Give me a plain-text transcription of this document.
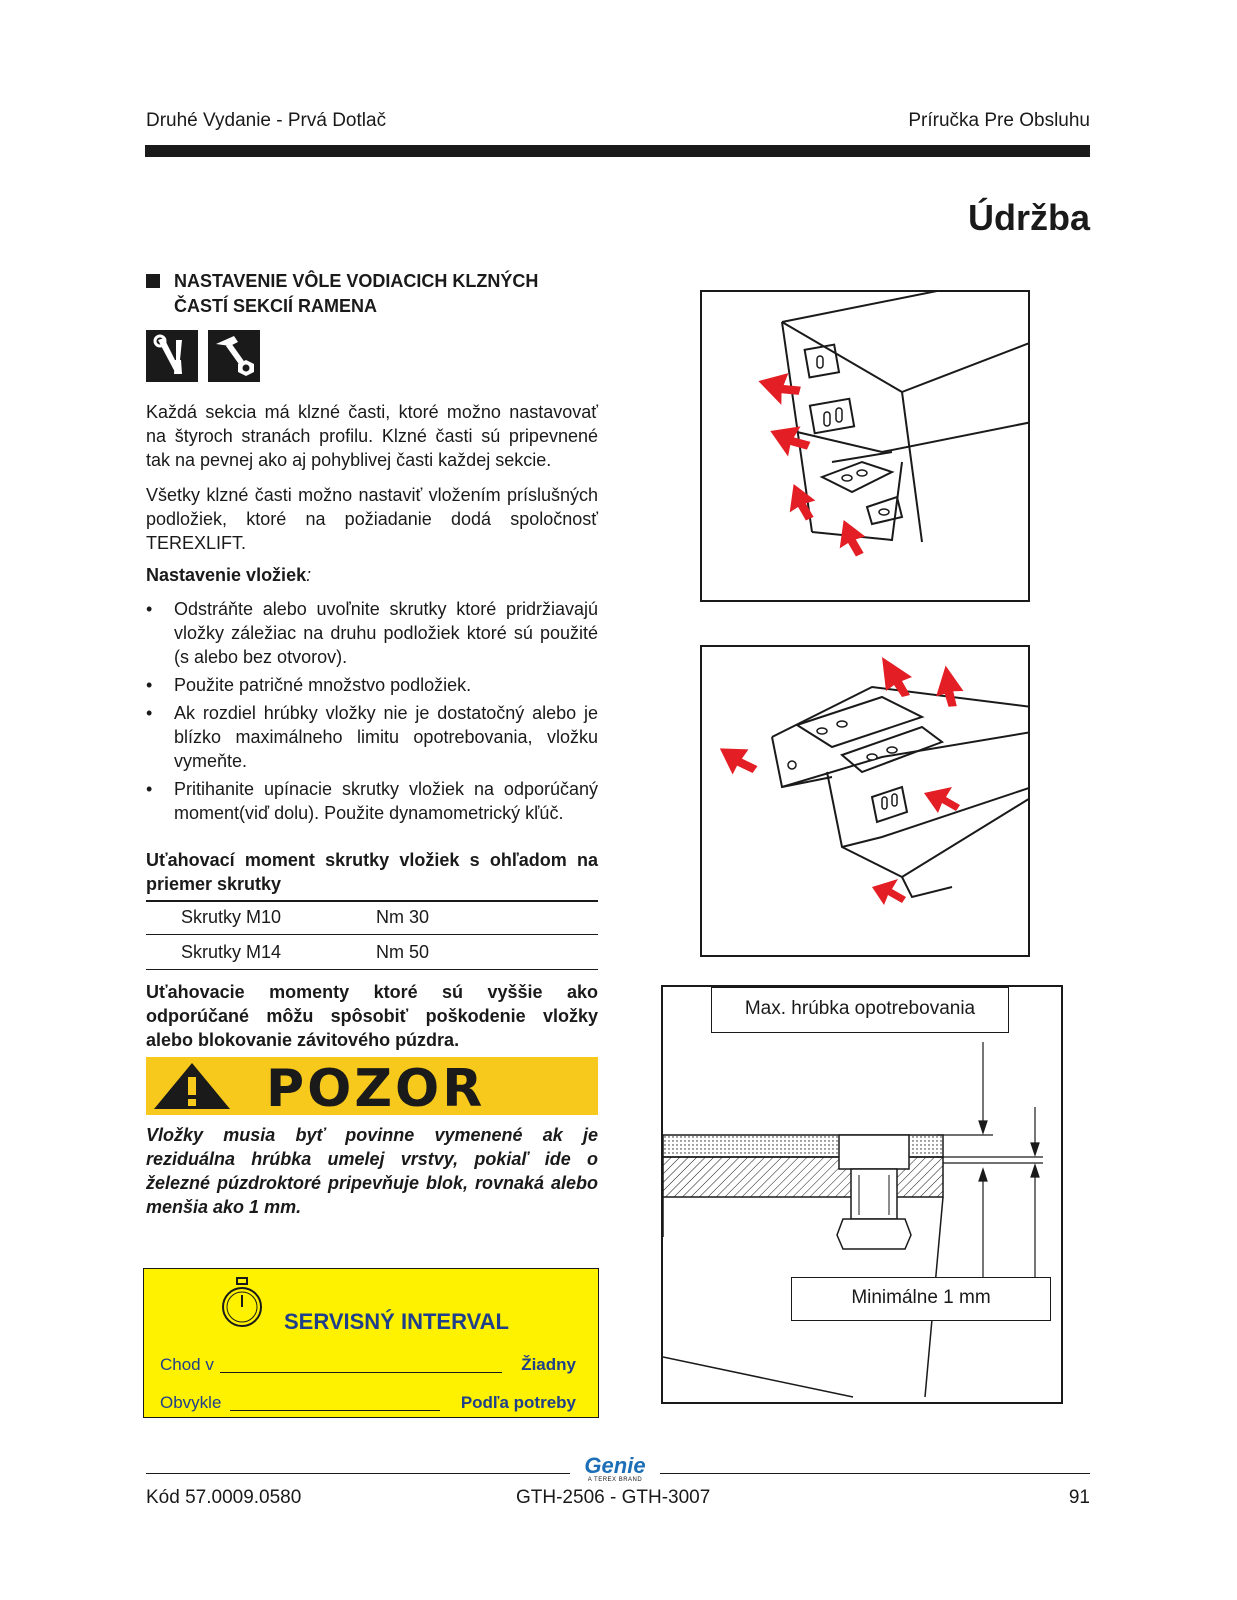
Druhé Vydanie - Prvá Dotlač	Príručka Pre Obsluhu
Údržba
NASTAVENIE VÔLE VODIACICH KLZNÝCH
ČASTÍ SEKCIÍ RAMENA
Každá sekcia má klzné časti, ktoré možno nastavovať na štyroch stranách profilu. Klzné časti sú pripevnené tak na pevnej ako aj pohyblivej časti každej sekcie.
Všetky klzné časti možno nastaviť vložením príslušných podložiek, ktoré na požiadanie dodá spoločnosť TEREXLIFT.
Nastavenie vložiek:
• Odstráňte alebo uvoľnite skrutky ktoré pridržiavajú vložky záležiac na druhu podložiek ktoré sú použité (s alebo bez otvorov).
• Použite patričné množstvo podložiek.
• Ak rozdiel hrúbky vložky nie je dostatočný alebo je blízko maximálneho limitu opotrebovania, vložku vymeňte.
• Pritihanite upínacie skrutky vložiek na odporúčaný moment(viď dolu). Použite dynamometrický kľúč.
Uťahovací moment skrutky vložiek s ohľadom na priemer skrutky
Skrutky M10	Nm 30
Skrutky M14	Nm 50
Uťahovacie momenty ktoré sú vyššie ako odporúčané môžu spôsobiť poškodenie vložky alebo blokovanie závitového púzdra.
POZOR
Vložky musia byť povinne vymenené ak je reziduálna hrúbka umelej vrstvy, pokiaľ ide o železné púzdroktoré pripevňuje blok, rovnaká alebo menšia ako 1 mm.
SERVISNÝ INTERVAL
Chod v	Žiadny
Obvykle	Podľa potreby
Max. hrúbka opotrebovania
Minimálne 1 mm
Genie
A TEREX BRAND
Kód 57.0009.0580	GTH-2506 - GTH-3007	91
